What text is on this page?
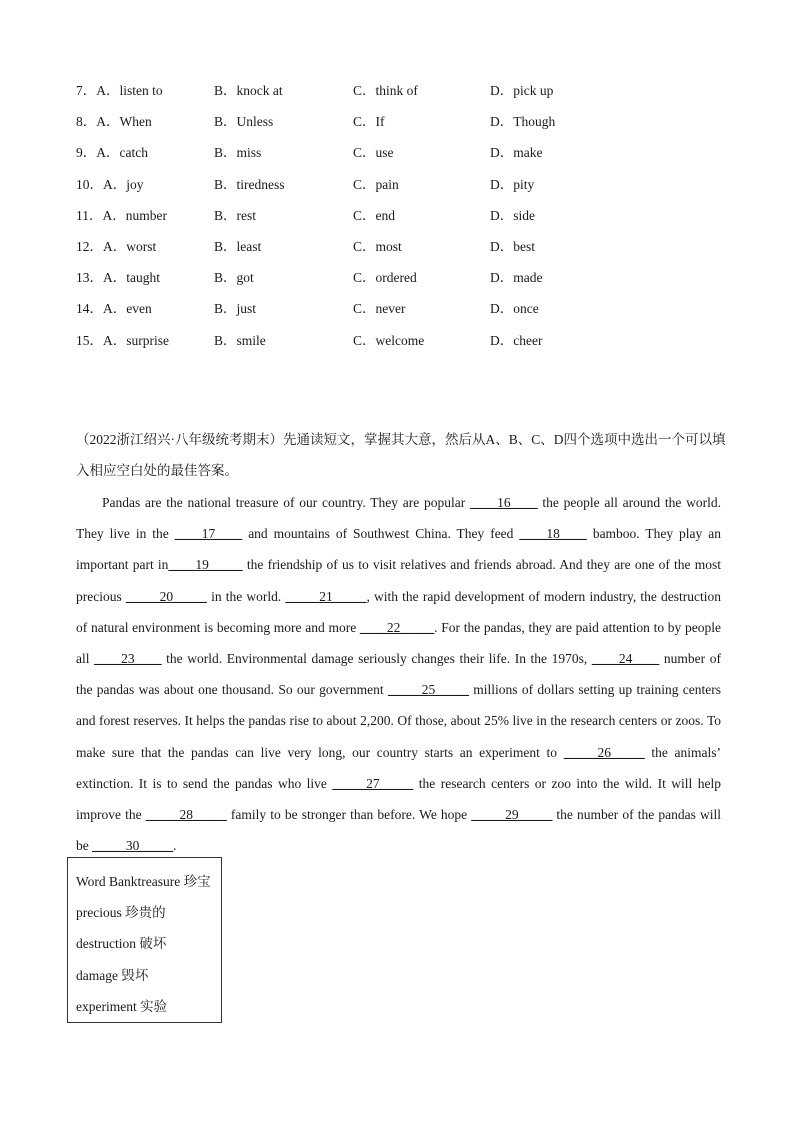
7．A．listen to	B．knock at	C．think of	D．pick up
8．A．When	B．Unless	C．If	D．Though
9．A．catch	B．miss	C．use	D．make
10．A．joy	B．tiredness	C．pain	D．pity
11．A．number	B．rest	C．end	D．side
12．A．worst	B．least	C．most	D．best
13．A．taught	B．got	C．ordered	D．made
14．A．even	B．just	C．never	D．once
15．A．surprise	B．smile	C．welcome	D．cheer
（2022浙江绍兴·八年级统考期末）先通读短文，掌握其大意，然后从A、B、C、D四个选项中选出一个可以填入相应空白处的最佳答案。
Pandas are the national treasure of our country. They are popular ____16____ the people all around the world. They live in the ____17____ and mountains of Southwest China. They feed ____18____ bamboo. They play an important part in____19_____ the friendship of us to visit relatives and friends abroad. And they are one of the most precious _____20_____ in the world. _____21_____, with the rapid development of modern industry, the destruction of natural environment is becoming more and more ____22_____. For the pandas, they are paid attention to by people all ____23____ the world. Environmental damage seriously changes their life. In the 1970s, ____24____ number of the pandas was about one thousand. So our government _____25_____ millions of dollars setting up training centers and forest reserves. It helps the pandas rise to about 2,200. Of those, about 25% live in the research centers or zoos. To make sure that the pandas can live very long, our country starts an experiment to _____26_____ the animals’ extinction. It is to send the pandas who live _____27_____ the research centers or zoo into the wild. It will help improve the _____28_____ family to be stronger than before. We hope _____29_____ the number of the pandas will be _____30_____.
Word Banktreasure 珍宝
precious 珍贵的
destruction 破坏
damage 毁坏
experiment 实验
